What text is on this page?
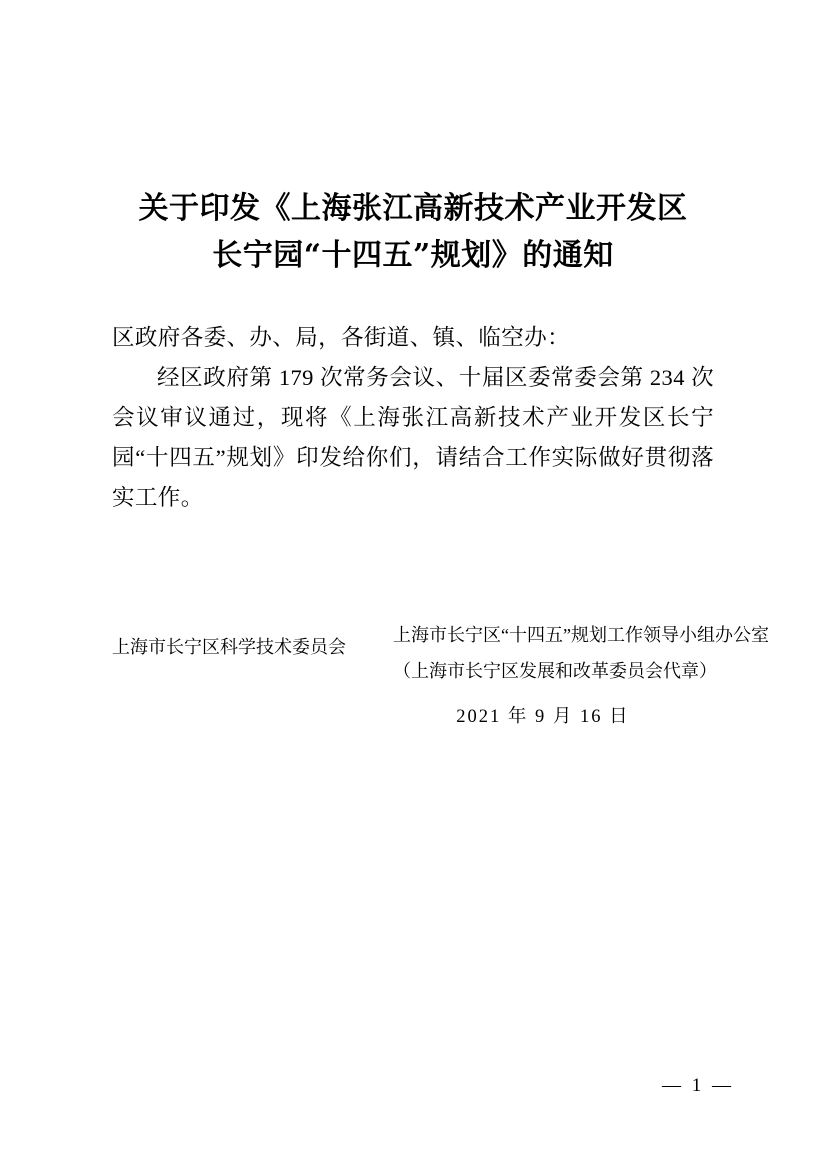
关于印发《上海张江高新技术产业开发区
长宁园“十四五”规划》的通知
区政府各委、办、局，各街道、镇、临空办：
经区政府第 179 次常务会议、十届区委常委会第 234 次会议审议通过，现将《上海张江高新技术产业开发区长宁园“十四五”规划》印发给你们，请结合工作实际做好贯彻落实工作。
上海市长宁区科学技术委员会
上海市长宁区“十四五”规划工作领导小组办公室
（上海市长宁区发展和改革委员会代章）
2021 年 9 月 16 日
— 1 —
